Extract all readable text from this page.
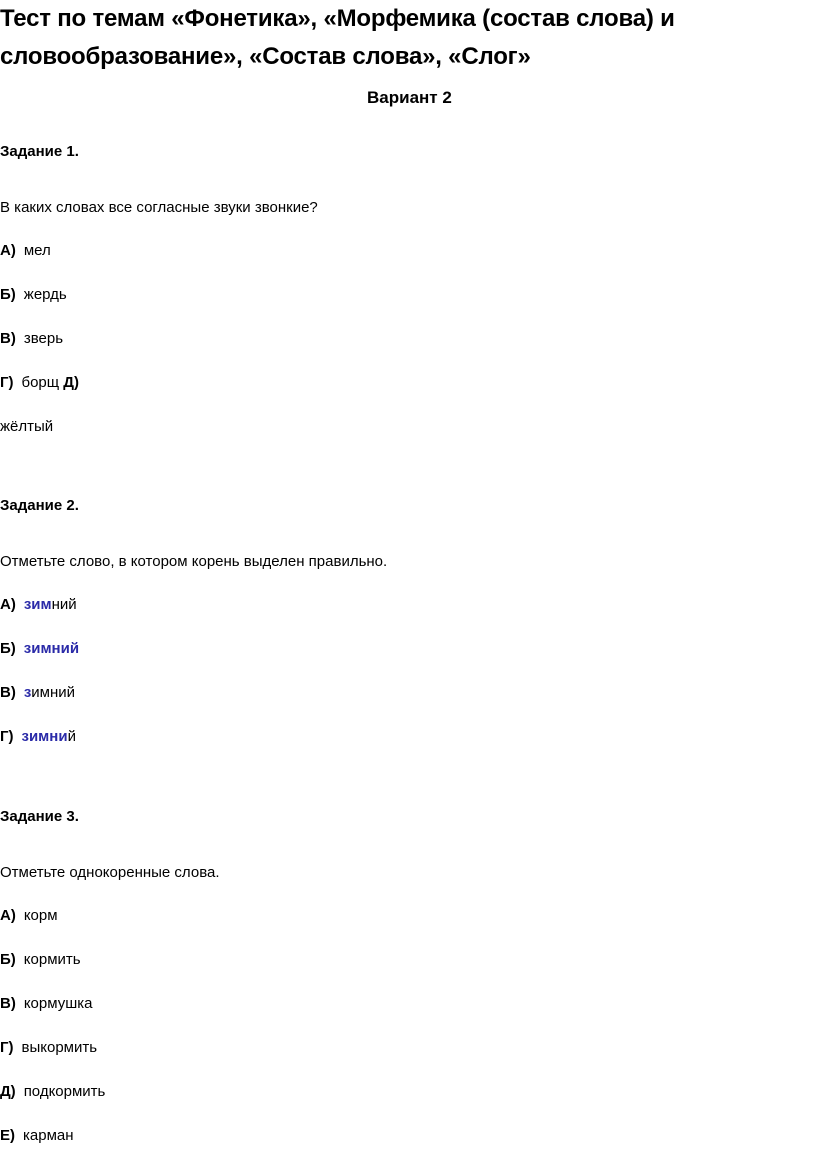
Тест по темам «Фонетика», «Морфемика (состав слова) и
словообразование», «Состав слова», «Слог»
Вариант 2
Задание 1.
В каких словах все согласные звуки звонкие?
А) мел
Б) жердь
В) зверь
Г) борщ Д)
жёлтый
Задание 2.
Отметьте слово, в котором корень выделен правильно.
А) зимний
Б) зимний
В) зимний
Г) зимний
Задание 3.
Отметьте однокоренные слова.
А) корм
Б) кормить
В) кормушка
Г) выкормить
Д) подкормить
Е) карман
